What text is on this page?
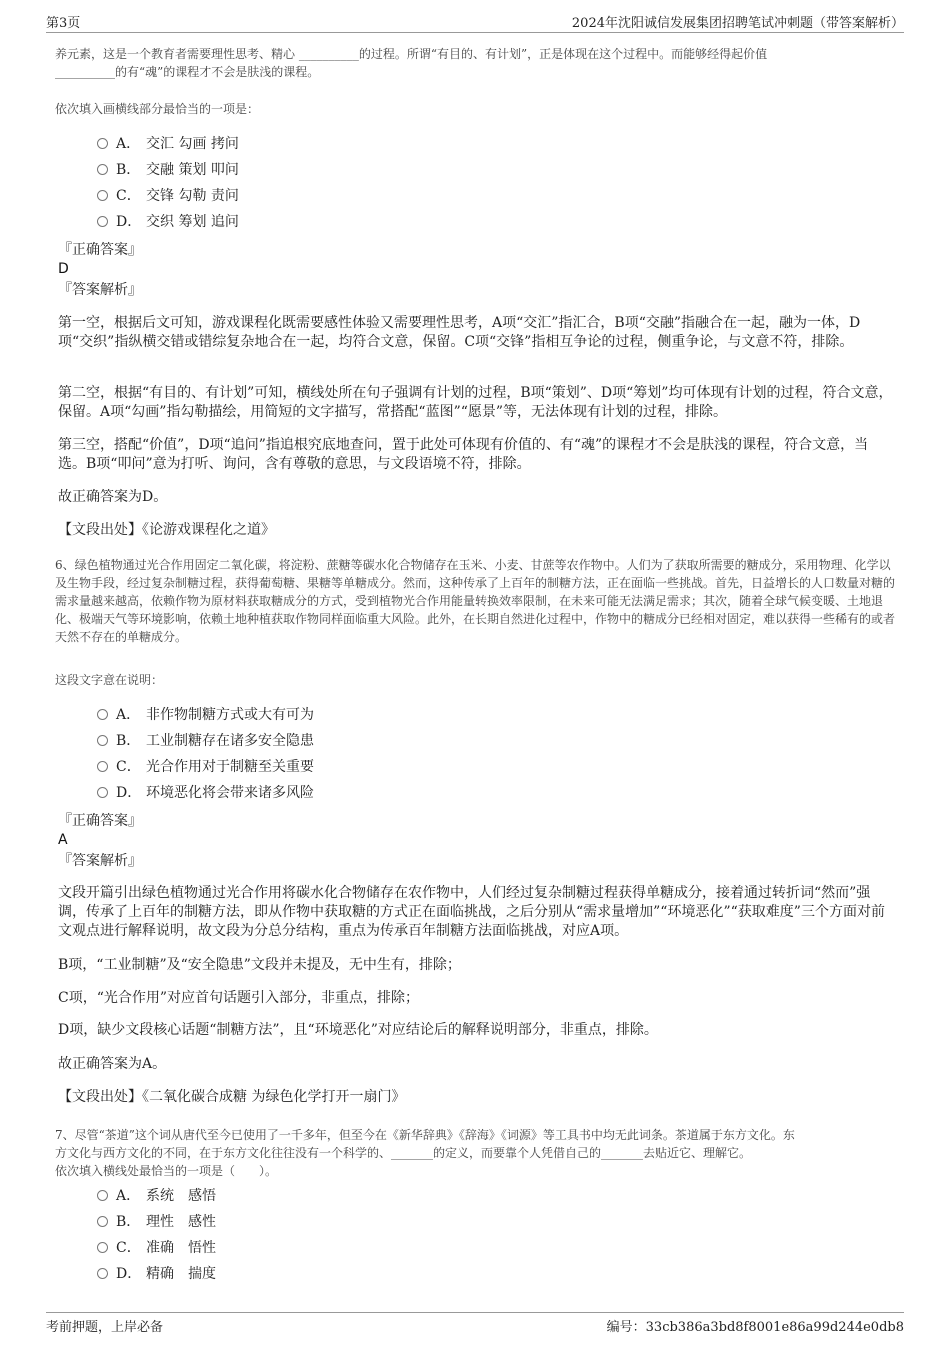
第3页	2024年沈阳诚信发展集团招聘笔试冲刺题（带答案解析）
养元素，这是一个教育者需要理性思考、精心 __________的过程。所谓“有目的、有计划”，正是体现在这个过程中。而能够经得起价值
__________的有“魂”的课程才不会是肤浅的课程。
依次填入画横线部分最恰当的一项是：
A． 交汇 勾画 拷问
B． 交融 策划 叩问
C． 交锋 勾勒 责问
D． 交织 筹划 追问
『正确答案』
D
『答案解析』
第一空，根据后文可知，游戏课程化既需要感性体验又需要理性思考，A项“交汇”指汇合，B项“交融”指融合在一起，融为一体，D项“交织”指纵横交错或错综复杂地合在一起，均符合文意，保留。C项“交锋”指相互争论的过程，侧重争论，与文意不符，排除。
第二空，根据“有目的、有计划”可知，横线处所在句子强调有计划的过程，B项“策划”、D项“筹划”均可体现有计划的过程，符合文意，保留。A项“勾画”指勾勒描绘，用简短的文字描写，常搭配“蓝图”“愿景”等，无法体现有计划的过程，排除。
第三空，搭配“价值”，D项“追问”指追根究底地查问，置于此处可体现有价值的、有“魂”的课程才不会是肤浅的课程，符合文意，当选。B项“叩问”意为打听、询问，含有尊敬的意思，与文段语境不符，排除。
故正确答案为D。
【文段出处】《论游戏课程化之道》
6、绿色植物通过光合作用固定二氧化碳，将淀粉、蔗糖等碳水化合物储存在玉米、小麦、甘蔗等农作物中。人们为了获取所需要的糖成分，采用物理、化学以及生物手段，经过复杂制糖过程，获得葡萄糖、果糖等单糖成分。然而，这种传承了上百年的制糖方法，正在面临一些挑战。首先，日益增长的人口数量对糖的需求量越来越高，依赖作物为原材料获取糖成分的方式，受到植物光合作用能量转换效率限制，在未来可能无法满足需求；其次，随着全球气候变暖、土地退化、极端天气等环境影响，依赖土地种植获取作物同样面临重大风险。此外，在长期自然进化过程中，作物中的糖成分已经相对固定，难以获得一些稀有的或者天然不存在的单糖成分。
这段文字意在说明：
A． 非作物制糖方式或大有可为
B． 工业制糖存在诸多安全隐患
C． 光合作用对于制糖至关重要
D． 环境恶化将会带来诸多风险
『正确答案』
A
『答案解析』
文段开篇引出绿色植物通过光合作用将碳水化合物储存在农作物中，人们经过复杂制糖过程获得单糖成分，接着通过转折词“然而”强调，传承了上百年的制糖方法，即从作物中获取糖的方式正在面临挑战，之后分别从“需求量增加”“环境恶化”“获取难度”三个方面对前文观点进行解释说明，故文段为分总分结构，重点为传承百年制糖方法面临挑战，对应A项。
B项，“工业制糖”及“安全隐患”文段并未提及，无中生有，排除；
C项，“光合作用”对应首句话题引入部分，非重点，排除；
D项，缺少文段核心话题“制糖方法”，且“环境恶化”对应结论后的解释说明部分，非重点，排除。
故正确答案为A。
【文段出处】《二氧化碳合成糖 为绿色化学打开一扇门》
7、尽管“茶道”这个词从唐代至今已使用了一千多年，但至今在《新华辞典》《辞海》《词源》等工具书中均无此词条。茶道属于东方文化。东
方文化与西方文化的不同，在于东方文化往往没有一个科学的、_______的定义，而要靠个人凭借自己的_______去贴近它、理解它。
依次填入横线处最恰当的一项是（　　）。
A． 系统　感悟
B． 理性　感性
C． 准确　悟性
D． 精确　揣度
考前押题，上岸必备	编号：33cb386a3bd8f8001e86a99d244e0db8
